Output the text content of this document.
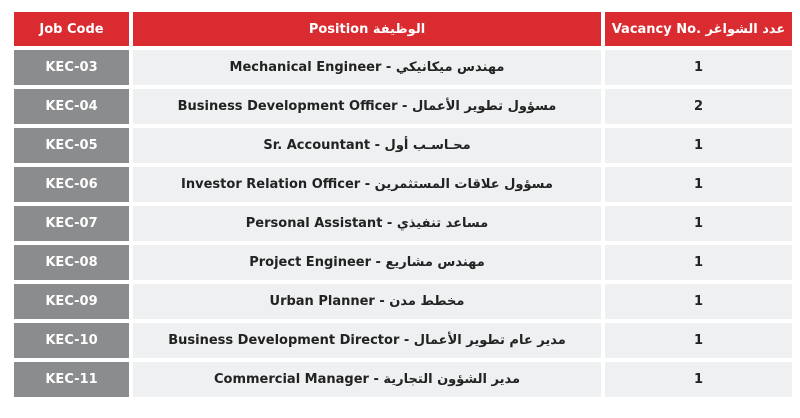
Job Code	Position الوظيفة	عدد الشواغر .Vacancy No
KEC-03	مهندس ميكانيكي - Mechanical Engineer	1
KEC-04	مسؤول تطوير الأعمال - Business Development Officer	2
KEC-05	محـاسـب أول - Sr. Accountant	1
KEC-06	مسؤول علاقات المستثمرين - Investor Relation Officer	1
KEC-07	مساعد تنفيذي - Personal Assistant	1
KEC-08	مهندس مشاريع - Project Engineer	1
KEC-09	مخطط مدن - Urban Planner	1
KEC-10	مدير عام تطوير الأعمال - Business Development Director	1
KEC-11	مدير الشؤون التجارية - Commercial Manager	1
